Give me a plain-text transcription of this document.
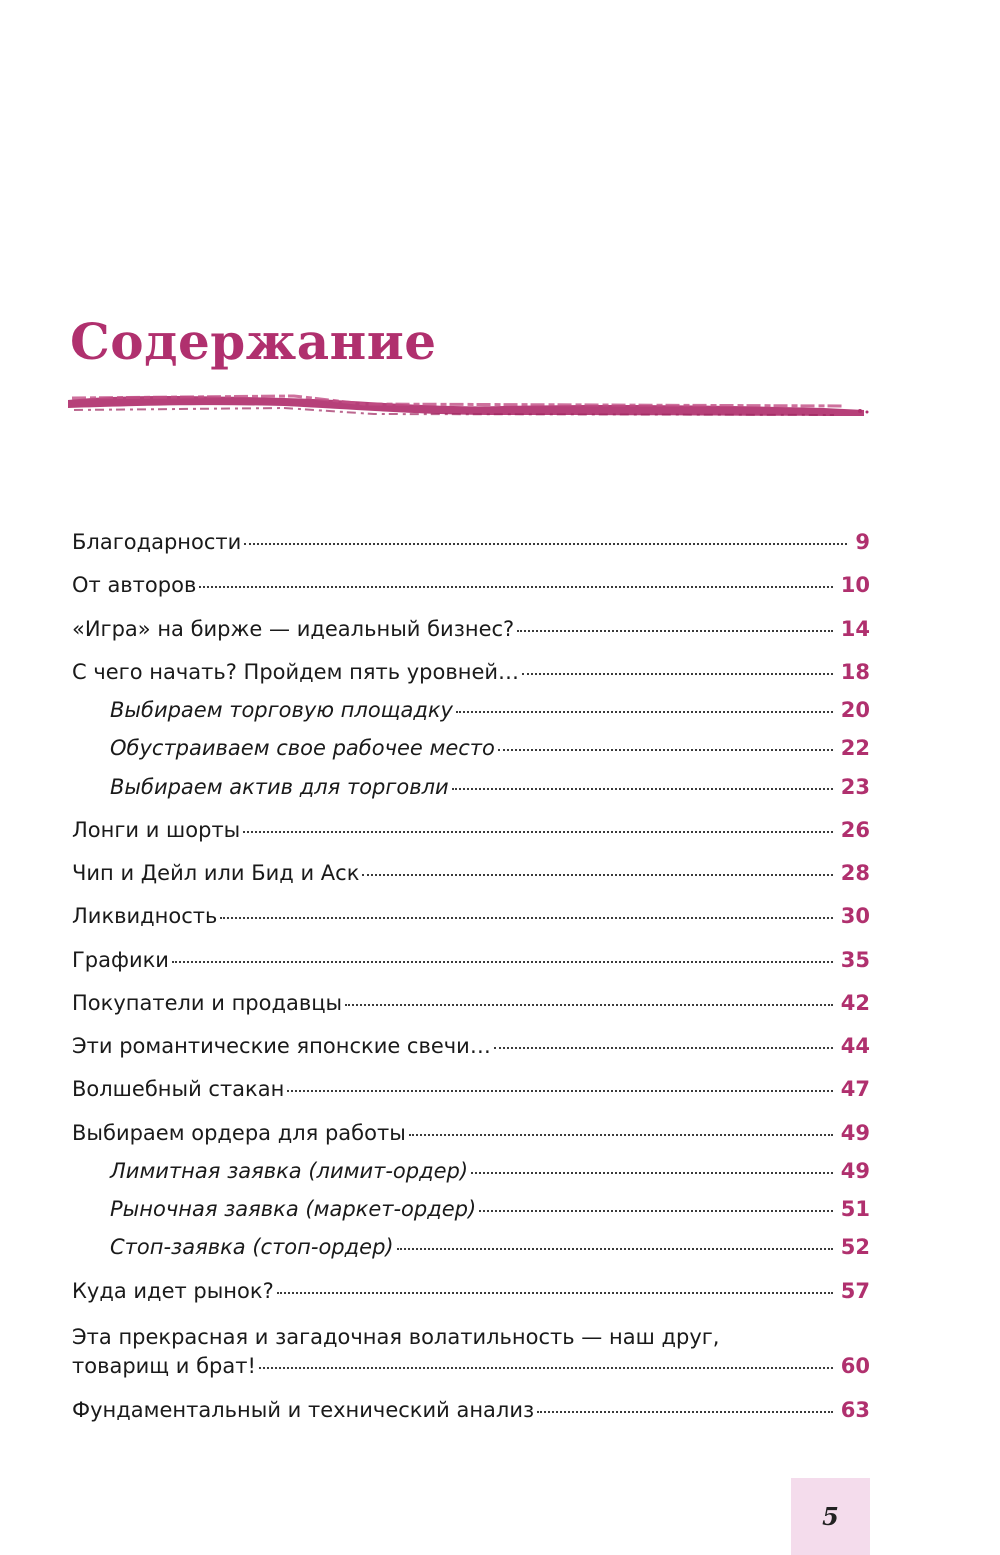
Содержание
Благодарности	9
От авторов	10
«Игра» на бирже — идеальный бизнес?	14
С чего начать? Пройдем пять уровней…	18
Выбираем торговую площадку	20
Обустраиваем свое рабочее место	22
Выбираем актив для торговли	23
Лонги и шорты	26
Чип и Дейл или Бид и Аск	28
Ликвидность	30
Графики	35
Покупатели и продавцы	42
Эти романтические японские свечи…	44
Волшебный стакан	47
Выбираем ордера для работы	49
Лимитная заявка (лимит-ордер)	49
Рыночная заявка (маркет-ордер)	51
Стоп-заявка (стоп-ордер)	52
Куда идет рынок?	57
Эта прекрасная и загадочная волатильность — наш друг,
товарищ и брат!	60
Фундаментальный и технический анализ	63
5
